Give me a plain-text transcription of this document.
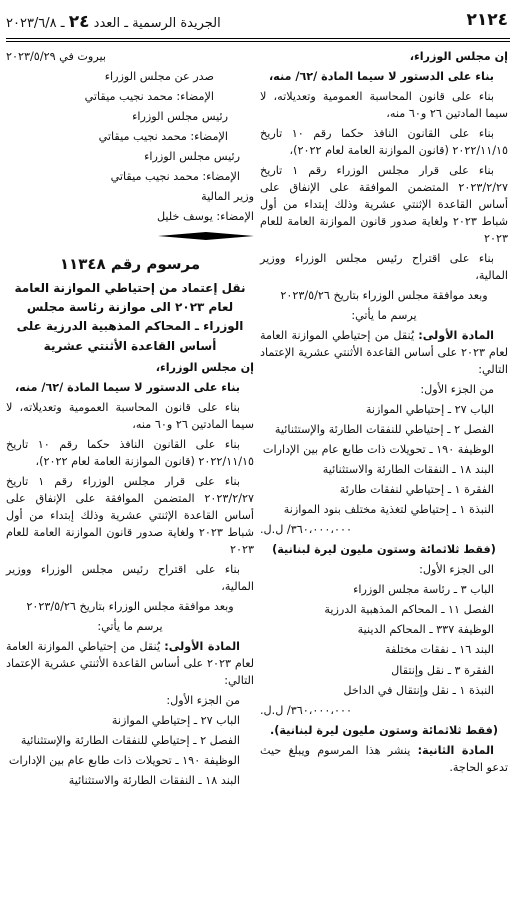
٢١٢٤
الجريدة الرسمية ـ العدد ٢٤ ـ ٢٠٢٣/٦/٨

إن مجلس الوزراء،

بناء على الدستور لا سيما المادة /٦٢/ منه،

بناء على قانون المحاسبة العمومية وتعديلاته، لا سيما المادتين ٢٦ و٦٠ منه،

بناء على القانون النافذ حكما رقم ١٠ تاريخ ٢٠٢٢/١١/١٥ (قانون الموازنة العامة لعام ٢٠٢٢)،

بناء على قرار مجلس الوزراء رقم ١ تاريخ ٢٠٢٣/٢/٢٧ المتضمن الموافقة على الإنفاق على أساس القاعدة الإثنتي عشرية وذلك إبتداء من أول شباط ٢٠٢٣ ولغاية صدور قانون الموازنة العامة للعام ٢٠٢٣

بناء على اقتراح رئيس مجلس الوزراء ووزير المالية،

وبعد موافقة مجلس الوزراء بتاريخ ٢٠٢٣/٥/٢٦

يرسم ما يأتي:

المادة الأولى: يُنقل من إحتياطي الموازنة العامة لعام ٢٠٢٣ على أساس القاعدة الأثنتي عشرية الإعتماد التالي:

من الجزء الأول:

الباب ٢٧ ـ إحتياطي الموازنة

الفصل ٢ ـ إحتياطي للنفقات الطارئة والإستثنائية

الوظيفة ١٩٠ ـ تحويلات ذات طابع عام بين الإدارات

البند ١٨ ـ النفقات الطارئة والاستثنائية

الفقرة ١ ـ إحتياطي لنفقات طارئة

النبذة ١ ـ إحتياطي لتغذية مختلف بنود الموازنة

٣٦٠،٠٠٠،٠٠٠/ ل.ل.

(فقط ثلاثمائة وستون مليون ليرة لبنانية)

الى الجزء الأول:

الباب ٣ ـ رئاسة مجلس الوزراء

الفصل ١١ ـ المحاكم المذهبية الدرزية

الوظيفة ٣٣٧ ـ المحاكم الدينية

البند ١٦ ـ نفقات مختلفة

الفقرة ٣ ـ نقل وإنتقال

النبذة ١ ـ نقل وإنتقال في الداخل

٣٦٠،٠٠٠،٠٠٠/ ل.ل.

(فقط ثلاثمائة وستون مليون ليرة لبنانية).

المادة الثانية: ينشر هذا المرسوم ويبلغ حيث تدعو الحاجة.

بيروت في ٢٠٢٣/٥/٢٩

صدر عن مجلس الوزراء

الإمضاء: محمد نجيب ميقاتي

رئيس مجلس الوزراء

الإمضاء: محمد نجيب ميقاتي

رئيس مجلس الوزراء

الإمضاء: محمد نجيب ميقاتي

وزير المالية

الإمضاء: يوسف خليل

مرسوم رقم ١١٣٤٨
نقل إعتماد من إحتياطي الموازنة العامة لعام ٢٠٢٣ الى موازنة رئاسة مجلس الوزراء ـ المحاكم المذهبية الدرزية على أساس القاعدة الأثنتي عشرية

إن مجلس الوزراء،

بناء على الدستور لا سيما المادة /٦٢/ منه،

بناء على قانون المحاسبة العمومية وتعديلاته، لا سيما المادتين ٢٦ و٦٠ منه،

بناء على القانون النافذ حكما رقم ١٠ تاريخ ٢٠٢٢/١١/١٥ (قانون الموازنة العامة لعام ٢٠٢٢)،

بناء على قرار مجلس الوزراء رقم ١ تاريخ ٢٠٢٣/٢/٢٧ المتضمن الموافقة على الإنفاق على أساس القاعدة الإثنتي عشرية وذلك إبتداء من أول شباط ٢٠٢٣ ولغاية صدور قانون الموازنة العامة للعام ٢٠٢٣

بناء على اقتراح رئيس مجلس الوزراء ووزير المالية،

وبعد موافقة مجلس الوزراء بتاريخ ٢٠٢٣/٥/٢٦

يرسم ما يأتي:

المادة الأولى: يُنقل من إحتياطي الموازنة العامة لعام ٢٠٢٣ على أساس القاعدة الأثنتي عشرية الإعتماد التالي:

من الجزء الأول:

الباب ٢٧ ـ إحتياطي الموازنة

الفصل ٢ ـ إحتياطي للنفقات الطارئة والإستثنائية

الوظيفة ١٩٠ ـ تحويلات ذات طابع عام بين الإدارات

البند ١٨ ـ النفقات الطارئة والاستثنائية
